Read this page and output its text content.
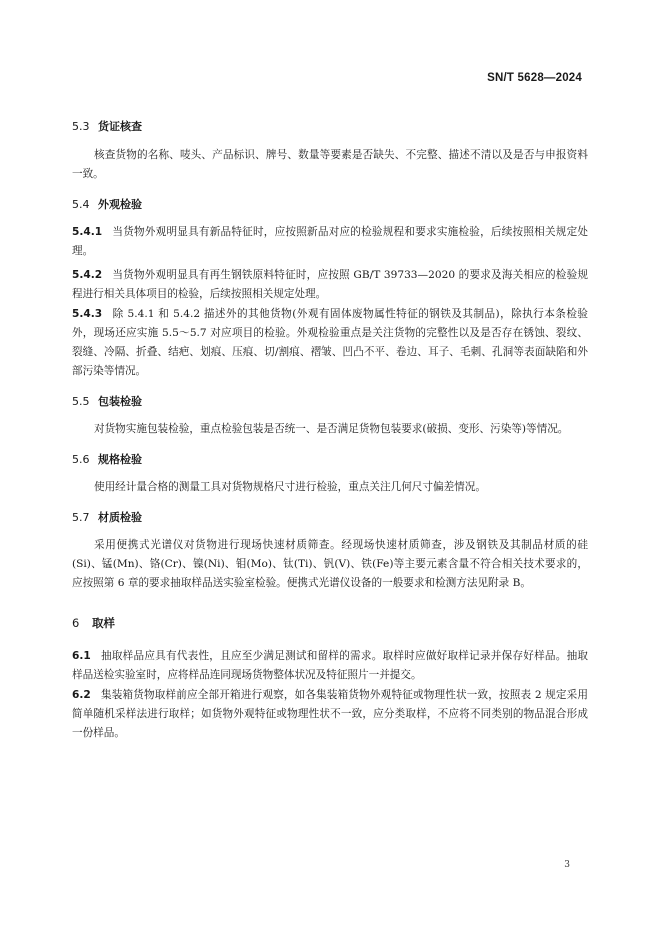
SN/T 5628—2024
5.3 货证核查

核查货物的名称、唛头、产品标识、牌号、数量等要素是否缺失、不完整、描述不清以及是否与申报资料一致。

5.4 外观检验

5.4.1 当货物外观明显具有新品特征时，应按照新品对应的检验规程和要求实施检验，后续按照相关规定处理。

5.4.2 当货物外观明显具有再生钢铁原料特征时，应按照 GB/T 39733—2020 的要求及海关相应的检验规程进行相关具体项目的检验，后续按照相关规定处理。

5.4.3 除 5.4.1 和 5.4.2 描述外的其他货物(外观有固体废物属性特征的钢铁及其制品)，除执行本条检验外，现场还应实施 5.5～5.7 对应项目的检验。外观检验重点是关注货物的完整性以及是否存在锈蚀、裂纹、裂缝、冷隔、折叠、结疤、划痕、压痕、切/割痕、褶皱、凹凸不平、卷边、耳子、毛刺、孔洞等表面缺陷和外部污染等情况。

5.5 包装检验

对货物实施包装检验，重点检验包装是否统一、是否满足货物包装要求(破损、变形、污染等)等情况。

5.6 规格检验

使用经计量合格的测量工具对货物规格尺寸进行检验，重点关注几何尺寸偏差情况。

5.7 材质检验

采用便携式光谱仪对货物进行现场快速材质筛查。经现场快速材质筛查，涉及钢铁及其制品材质的硅(Si)、锰(Mn)、铬(Cr)、镍(Ni)、钼(Mo)、钛(Ti)、钒(V)、铁(Fe)等主要元素含量不符合相关技术要求的，应按照第 6 章的要求抽取样品送实验室检验。便携式光谱仪设备的一般要求和检测方法见附录 B。

6 取样

6.1 抽取样品应具有代表性，且应至少满足测试和留样的需求。取样时应做好取样记录并保存好样品。抽取样品送检实验室时，应将样品连同现场货物整体状况及特征照片一并提交。

6.2 集装箱货物取样前应全部开箱进行观察，如各集装箱货物外观特征或物理性状一致，按照表 2 规定采用简单随机采样法进行取样；如货物外观特征或物理性状不一致，应分类取样，不应将不同类别的物品混合形成一份样品。

3
